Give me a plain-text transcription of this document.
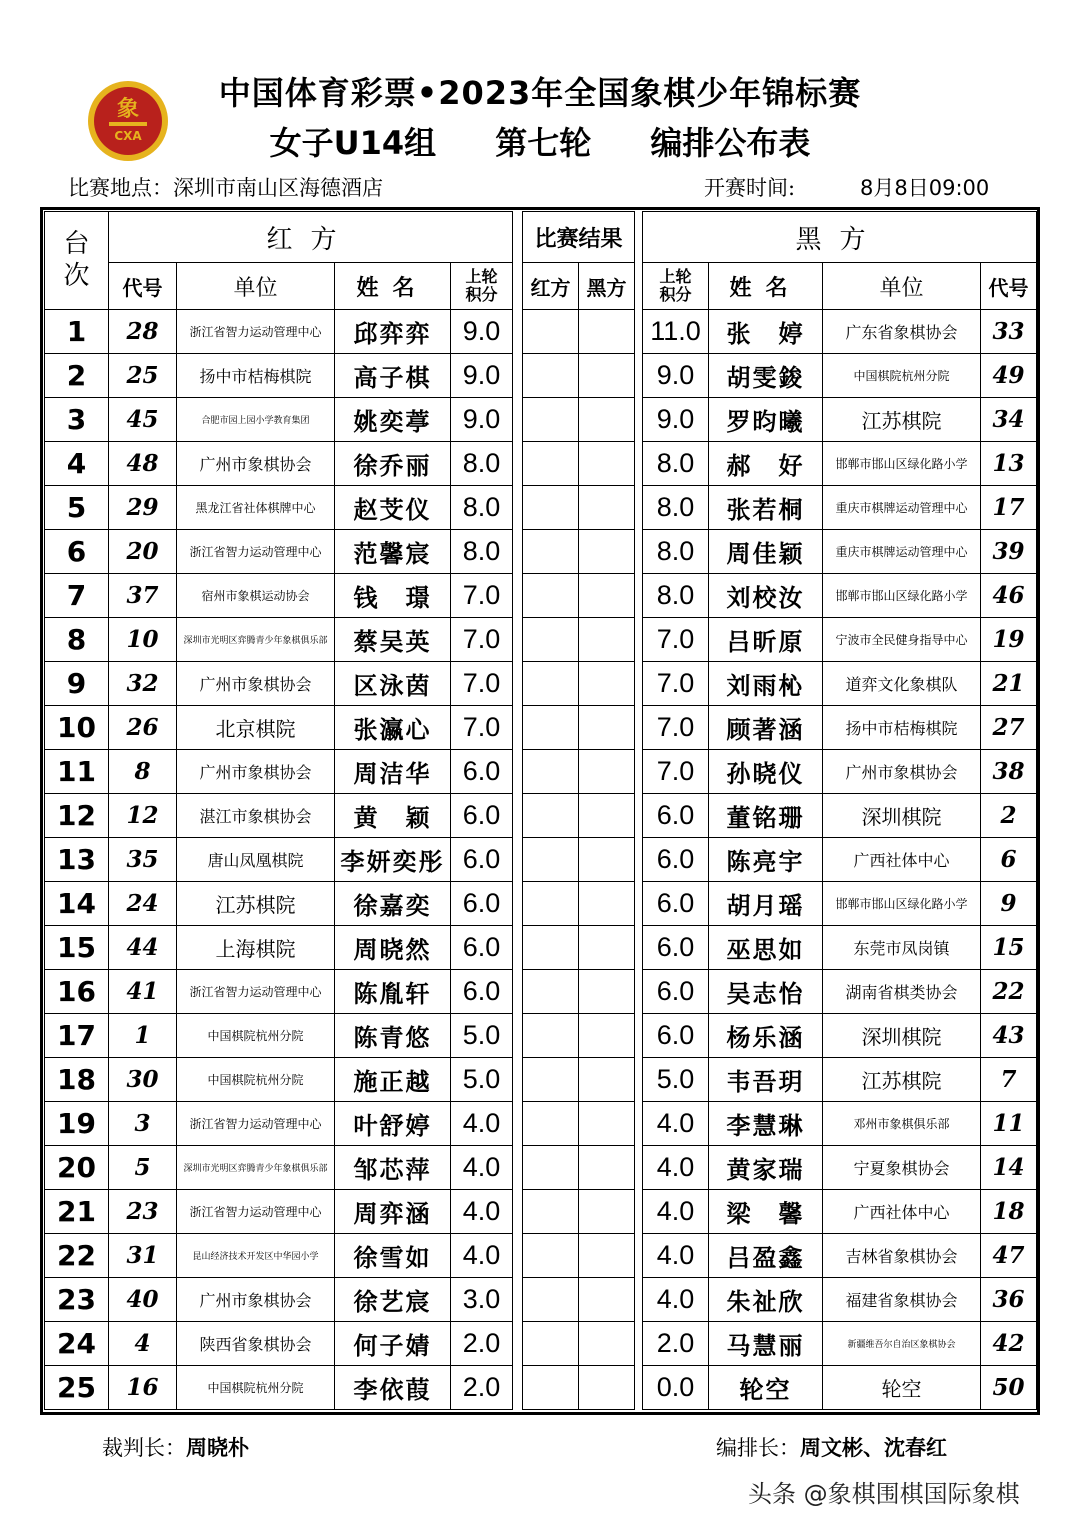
象
CXA
中国体育彩票•2023年全国象棋少年锦标赛
女子U14组 第七轮 编排公布表
比赛地点：深圳市南山区海德酒店	开赛时间:	8月8日09:00
台次	红方					比赛结果			黑方			
	代号	单位	姓名	上轮积分		红方	黑方		上轮积分	姓名	单位	代号
1	28	浙江省智力运动管理中心	邱弈弈	9.0					11.0	张　婷	广东省象棋协会	33
2	25	扬中市桔梅棋院	高子棋	9.0					9.0	胡雯鋑	中国棋院杭州分院	49
3	45	合肥市园上园小学教育集团	姚奕葶	9.0					9.0	罗昀曦	江苏棋院	34
4	48	广州市象棋协会	徐乔丽	8.0					8.0	郝　好	邯郸市邯山区绿化路小学	13
5	29	黑龙江省社体棋牌中心	赵芠仪	8.0					8.0	张若桐	重庆市棋牌运动管理中心	17
6	20	浙江省智力运动管理中心	范馨宸	8.0					8.0	周佳颖	重庆市棋牌运动管理中心	39
7	37	宿州市象棋运动协会	钱　璟	7.0					8.0	刘校汝	邯郸市邯山区绿化路小学	46
8	10	深圳市光明区弈腾青少年象棋俱乐部	蔡吴英	7.0					7.0	吕昕原	宁波市全民健身指导中心	19
9	32	广州市象棋协会	区泳茵	7.0					7.0	刘雨杺	道弈文化象棋队	21
10	26	北京棋院	张瀛心	7.0					7.0	顾著涵	扬中市桔梅棋院	27
11	8	广州市象棋协会	周洁华	6.0					7.0	孙晓仪	广州市象棋协会	38
12	12	湛江市象棋协会	黄　颖	6.0					6.0	董铭珊	深圳棋院	2
13	35	唐山凤凰棋院	李妍奕彤	6.0					6.0	陈亮宇	广西社体中心	6
14	24	江苏棋院	徐嘉奕	6.0					6.0	胡月瑶	邯郸市邯山区绿化路小学	9
15	44	上海棋院	周晓然	6.0					6.0	巫思如	东莞市凤岗镇	15
16	41	浙江省智力运动管理中心	陈胤轩	6.0					6.0	吴志怡	湖南省棋类协会	22
17	1	中国棋院杭州分院	陈青悠	5.0					6.0	杨乐涵	深圳棋院	43
18	30	中国棋院杭州分院	施正越	5.0					5.0	韦吾玥	江苏棋院	7
19	3	浙江省智力运动管理中心	叶舒婷	4.0					4.0	李慧琳	邓州市象棋俱乐部	11
20	5	深圳市光明区弈腾青少年象棋俱乐部	邹芯萍	4.0					4.0	黄家瑞	宁夏象棋协会	14
21	23	浙江省智力运动管理中心	周弈涵	4.0					4.0	梁　馨	广西社体中心	18
22	31	昆山经济技术开发区中华园小学	徐雪如	4.0					4.0	吕盈鑫	吉林省象棋协会	47
23	40	广州市象棋协会	徐艺宸	3.0					4.0	朱祉欣	福建省象棋协会	36
24	4	陕西省象棋协会	何子婧	2.0					2.0	马慧丽	新疆维吾尔自治区象棋协会	42
25	16	中国棋院杭州分院	李依葭	2.0					0.0	轮空	轮空	50
裁判长：周晓朴	编排长：周文彬、沈春红
头条 @象棋围棋国际象棋
